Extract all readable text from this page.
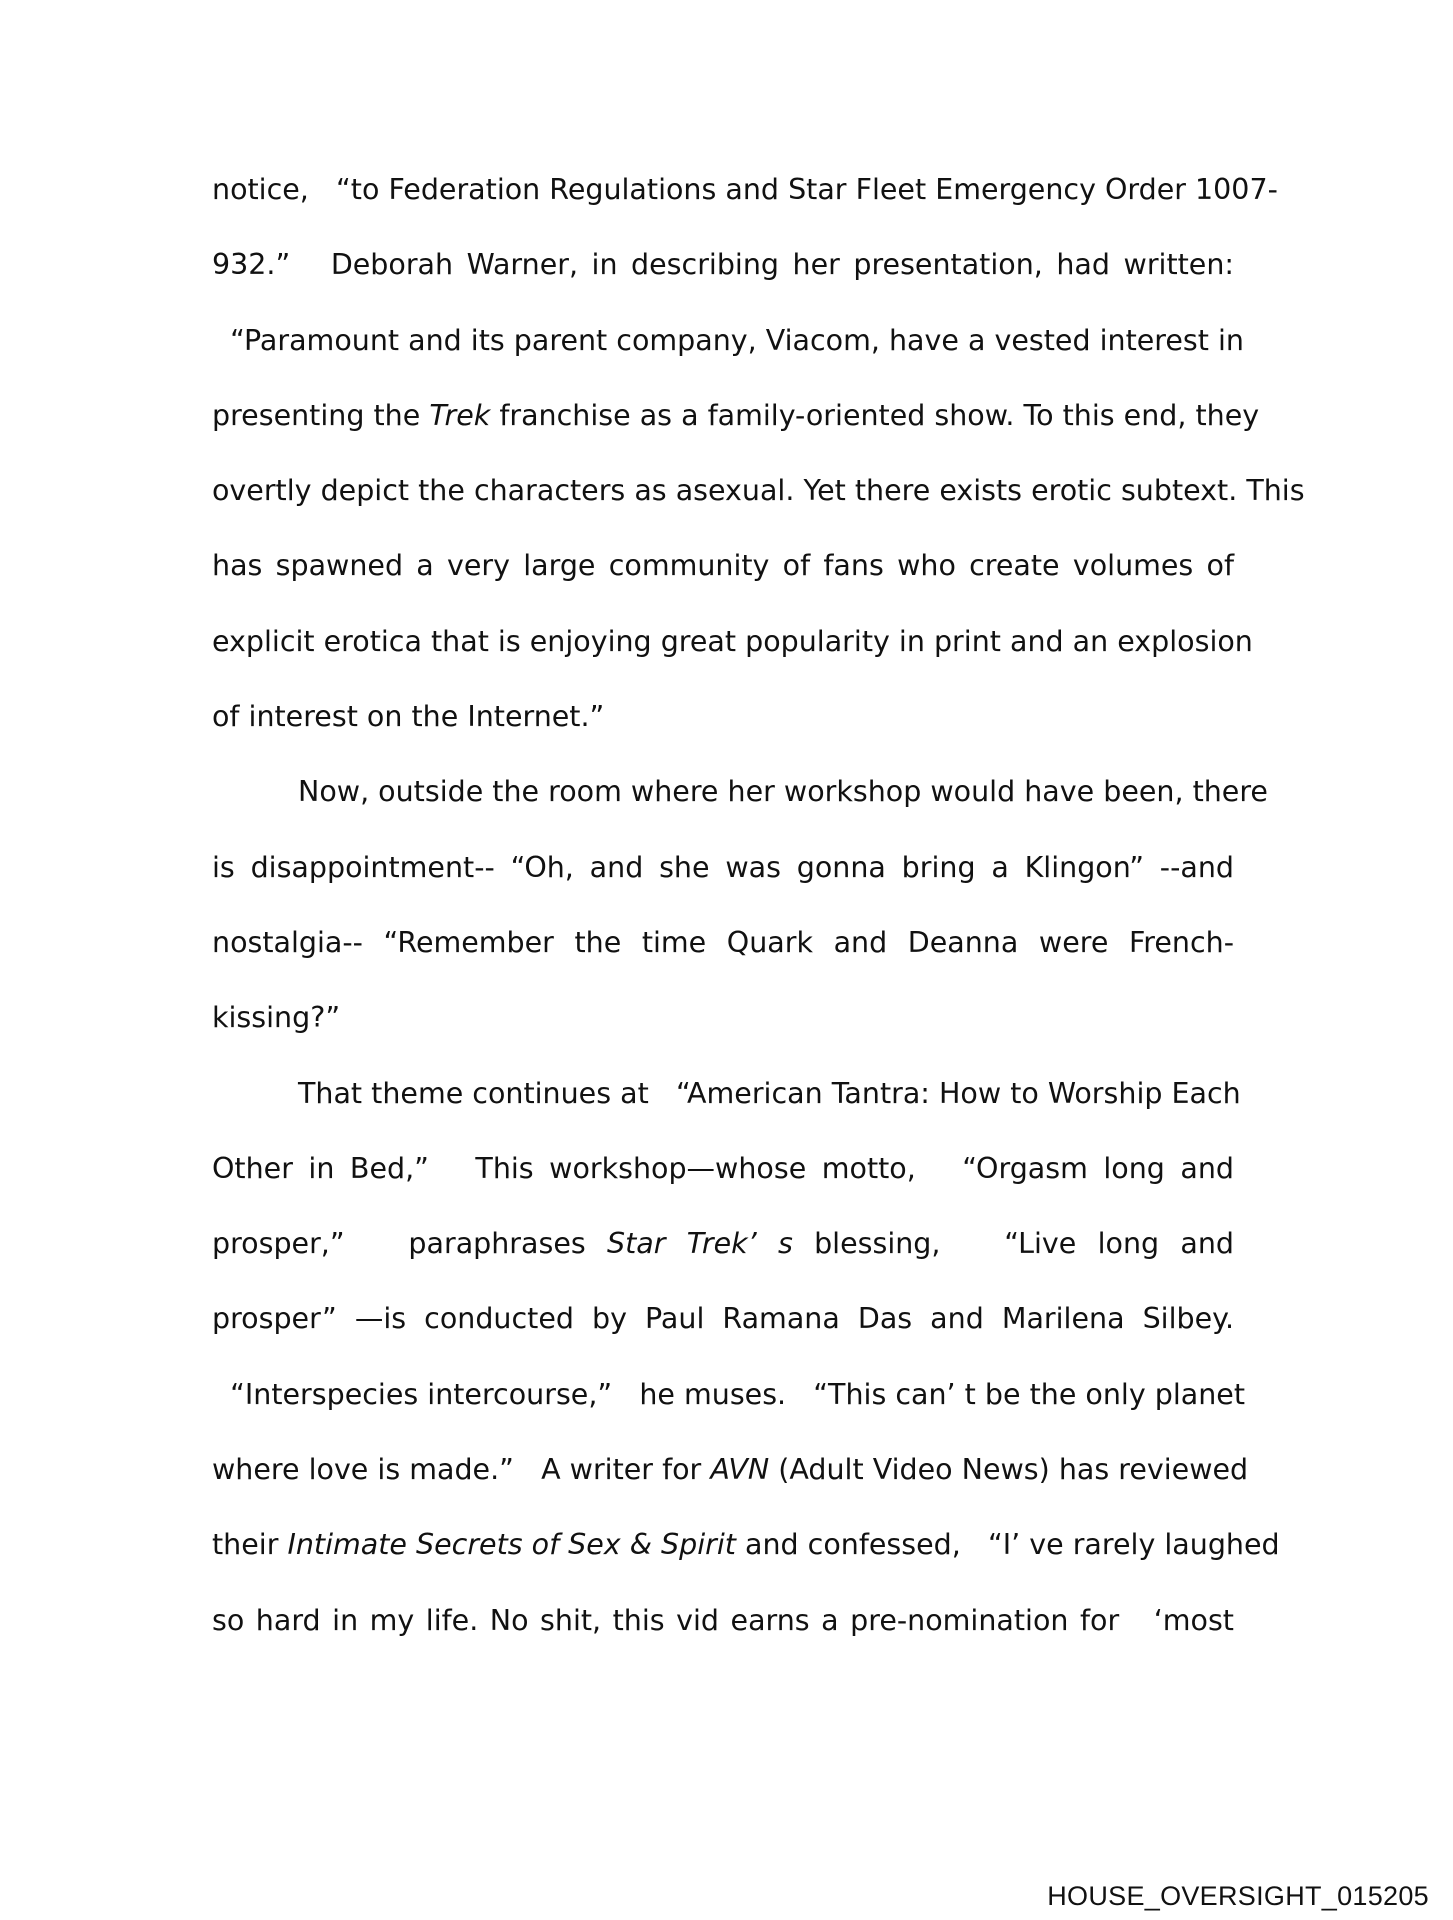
notice,   “to Federation Regulations and Star Fleet Emergency Order 1007-
932.”   Deborah Warner, in describing her presentation, had written:
“Paramount and its parent company, Viacom, have a vested interest in
presenting the Trek franchise as a family-oriented show. To this end, they
overtly depict the characters as asexual. Yet there exists erotic subtext. This
has spawned a very large community of fans who create volumes of
explicit erotica that is enjoying great popularity in print and an explosion
of interest on the Internet.”
Now, outside the room where her workshop would have been, there
is disappointment-- “Oh, and she was gonna bring a Klingon” --and
nostalgia-- “Remember the time Quark and Deanna were French-
kissing?”
That theme continues at   “American Tantra: How to Worship Each
Other in Bed,”   This workshop—whose motto,   “Orgasm long and
prosper,”   paraphrases Star Trek’ s blessing,   “Live long and
prosper” —is conducted by Paul Ramana Das and Marilena Silbey.
“Interspecies intercourse,”   he muses.   “This can’ t be the only planet
where love is made.”   A writer for AVN (Adult Video News) has reviewed
their Intimate Secrets of Sex & Spirit and confessed,   “I’ ve rarely laughed
so hard in my life. No shit, this vid earns a pre-nomination for   ‘most
HOUSE_OVERSIGHT_015205
